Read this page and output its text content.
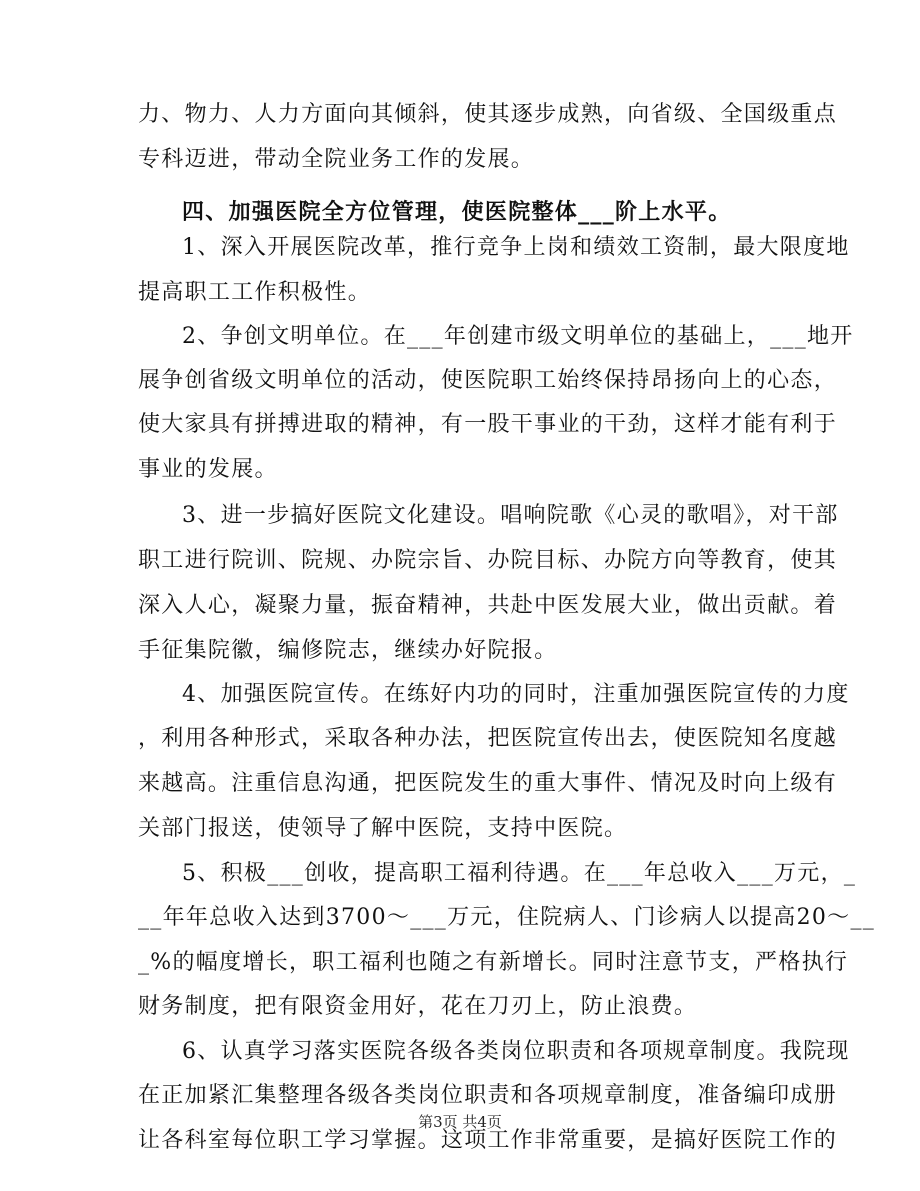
力、物力、人力方面向其倾斜，使其逐步成熟，向省级、全国级重点
专科迈进，带动全院业务工作的发展。
四、加强医院全方位管理，使医院整体___阶上水平。
1、深入开展医院改革，推行竞争上岗和绩效工资制，最大限度地
提高职工工作积极性。
2、争创文明单位。在___年创建市级文明单位的基础上，___地开
展争创省级文明单位的活动，使医院职工始终保持昂扬向上的心态，
使大家具有拼搏进取的精神，有一股干事业的干劲，这样才能有利于
事业的发展。
3、进一步搞好医院文化建设。唱响院歌《心灵的歌唱》，对干部
职工进行院训、院规、办院宗旨、办院目标、办院方向等教育，使其
深入人心，凝聚力量，振奋精神，共赴中医发展大业，做出贡献。着
手征集院徽，编修院志，继续办好院报。
4、加强医院宣传。在练好内功的同时，注重加强医院宣传的力度
，利用各种形式，采取各种办法，把医院宣传出去，使医院知名度越
来越高。注重信息沟通，把医院发生的重大事件、情况及时向上级有
关部门报送，使领导了解中医院，支持中医院。
5、积极___创收，提高职工福利待遇。在___年总收入___万元，_
__年年总收入达到3700～___万元，住院病人、门诊病人以提高20～__
_%的幅度增长，职工福利也随之有新增长。同时注意节支，严格执行
财务制度，把有限资金用好，花在刀刃上，防止浪费。
6、认真学习落实医院各级各类岗位职责和各项规章制度。我院现
在正加紧汇集整理各级各类岗位职责和各项规章制度，准备编印成册
让各科室每位职工学习掌握。这项工作非常重要，是搞好医院工作的
第3页 共4页
